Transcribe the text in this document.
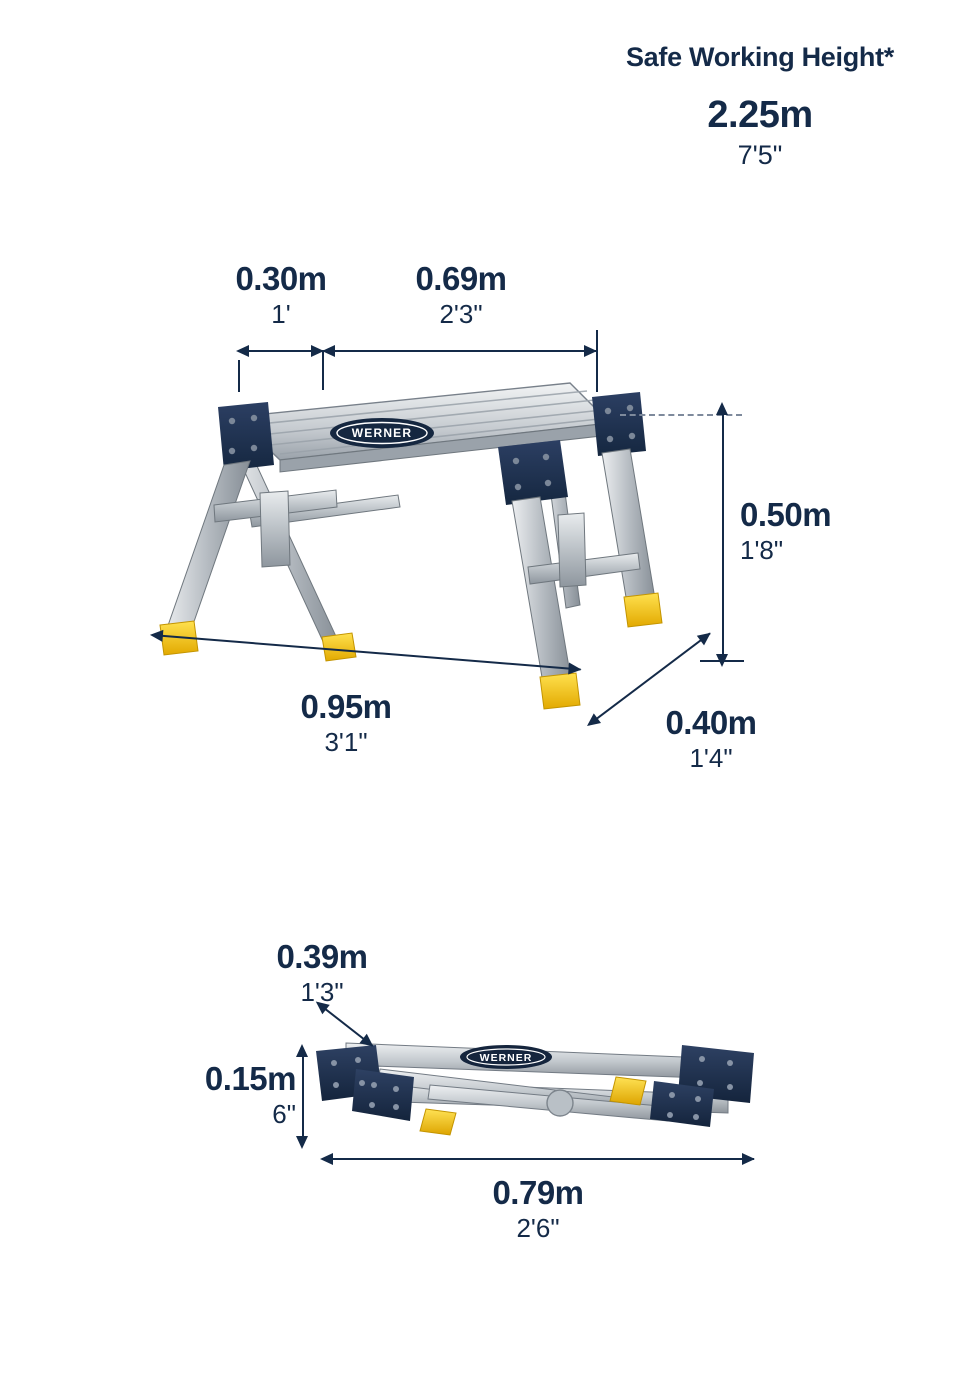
Safe Working Height*
2.25m
7'5"
WERNER
0.30m
1'
0.69m
2'3"
0.50m
1'8"
0.95m
3'1"
0.40m
1'4"
WERNER
0.39m
1'3"
0.15m
6"
0.79m
2'6"
